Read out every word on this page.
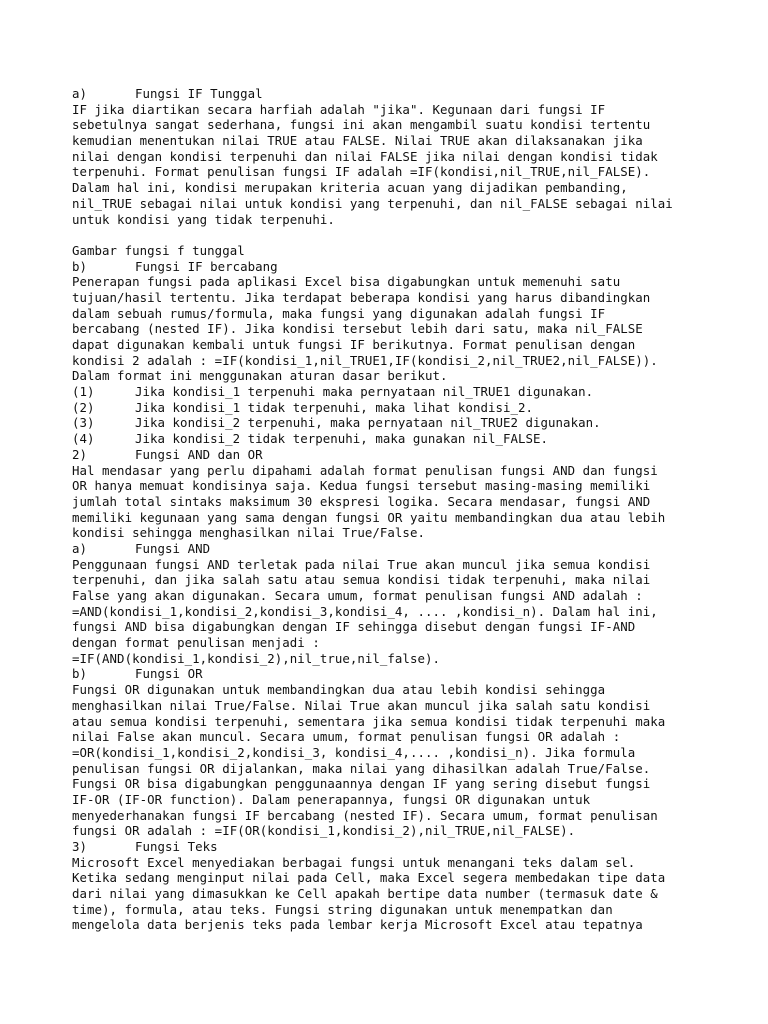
a)	Fungsi IF Tunggal
IF jika diartikan secara harfiah adalah "jika". Kegunaan dari fungsi IF
sebetulnya sangat sederhana, fungsi ini akan mengambil suatu kondisi tertentu
kemudian menentukan nilai TRUE atau FALSE. Nilai TRUE akan dilaksanakan jika
nilai dengan kondisi terpenuhi dan nilai FALSE jika nilai dengan kondisi tidak
terpenuhi. Format penulisan fungsi IF adalah =IF(kondisi,nil_TRUE,nil_FALSE).
Dalam hal ini, kondisi merupakan kriteria acuan yang dijadikan pembanding,
nil_TRUE sebagai nilai untuk kondisi yang terpenuhi, dan nil_FALSE sebagai nilai
untuk kondisi yang tidak terpenuhi.
Gambar fungsi f tunggal
b)	Fungsi IF bercabang
Penerapan fungsi pada aplikasi Excel bisa digabungkan untuk memenuhi satu
tujuan/hasil tertentu. Jika terdapat beberapa kondisi yang harus dibandingkan
dalam sebuah rumus/formula, maka fungsi yang digunakan adalah fungsi IF
bercabang (nested IF). Jika kondisi tersebut lebih dari satu, maka nil_FALSE
dapat digunakan kembali untuk fungsi IF berikutnya. Format penulisan dengan
kondisi 2 adalah : =IF(kondisi_1,nil_TRUE1,IF(kondisi_2,nil_TRUE2,nil_FALSE)).
Dalam format ini menggunakan aturan dasar berikut.
(1)	Jika kondisi_1 terpenuhi maka pernyataan nil_TRUE1 digunakan.
(2)	Jika kondisi_1 tidak terpenuhi, maka lihat kondisi_2.
(3)	Jika kondisi_2 terpenuhi, maka pernyataan nil_TRUE2 digunakan.
(4)	Jika kondisi_2 tidak terpenuhi, maka gunakan nil_FALSE.
2)	Fungsi AND dan OR
Hal mendasar yang perlu dipahami adalah format penulisan fungsi AND dan fungsi
OR hanya memuat kondisinya saja. Kedua fungsi tersebut masing-masing memiliki
jumlah total sintaks maksimum 30 ekspresi logika. Secara mendasar, fungsi AND
memiliki kegunaan yang sama dengan fungsi OR yaitu membandingkan dua atau lebih
kondisi sehingga menghasilkan nilai True/False.
a)	Fungsi AND
Penggunaan fungsi AND terletak pada nilai True akan muncul jika semua kondisi
terpenuhi, dan jika salah satu atau semua kondisi tidak terpenuhi, maka nilai
False yang akan digunakan. Secara umum, format penulisan fungsi AND adalah :
=AND(kondisi_1,kondisi_2,kondisi_3,kondisi_4, .... ,kondisi_n). Dalam hal ini,
fungsi AND bisa digabungkan dengan IF sehingga disebut dengan fungsi IF-AND
dengan format penulisan menjadi :
=IF(AND(kondisi_1,kondisi_2),nil_true,nil_false).
b)	Fungsi OR
Fungsi OR digunakan untuk membandingkan dua atau lebih kondisi sehingga
menghasilkan nilai True/False. Nilai True akan muncul jika salah satu kondisi
atau semua kondisi terpenuhi, sementara jika semua kondisi tidak terpenuhi maka
nilai False akan muncul. Secara umum, format penulisan fungsi OR adalah :
=OR(kondisi_1,kondisi_2,kondisi_3, kondisi_4,.... ,kondisi_n). Jika formula
penulisan fungsi OR dijalankan, maka nilai yang dihasilkan adalah True/False.
Fungsi OR bisa digabungkan penggunaannya dengan IF yang sering disebut fungsi
IF-OR (IF-OR function). Dalam penerapannya, fungsi OR digunakan untuk
menyederhanakan fungsi IF bercabang (nested IF). Secara umum, format penulisan
fungsi OR adalah : =IF(OR(kondisi_1,kondisi_2),nil_TRUE,nil_FALSE).
3)	Fungsi Teks
Microsoft Excel menyediakan berbagai fungsi untuk menangani teks dalam sel.
Ketika sedang menginput nilai pada Cell, maka Excel segera membedakan tipe data
dari nilai yang dimasukkan ke Cell apakah bertipe data number (termasuk date &
time), formula, atau teks. Fungsi string digunakan untuk menempatkan dan
mengelola data berjenis teks pada lembar kerja Microsoft Excel atau tepatnya
